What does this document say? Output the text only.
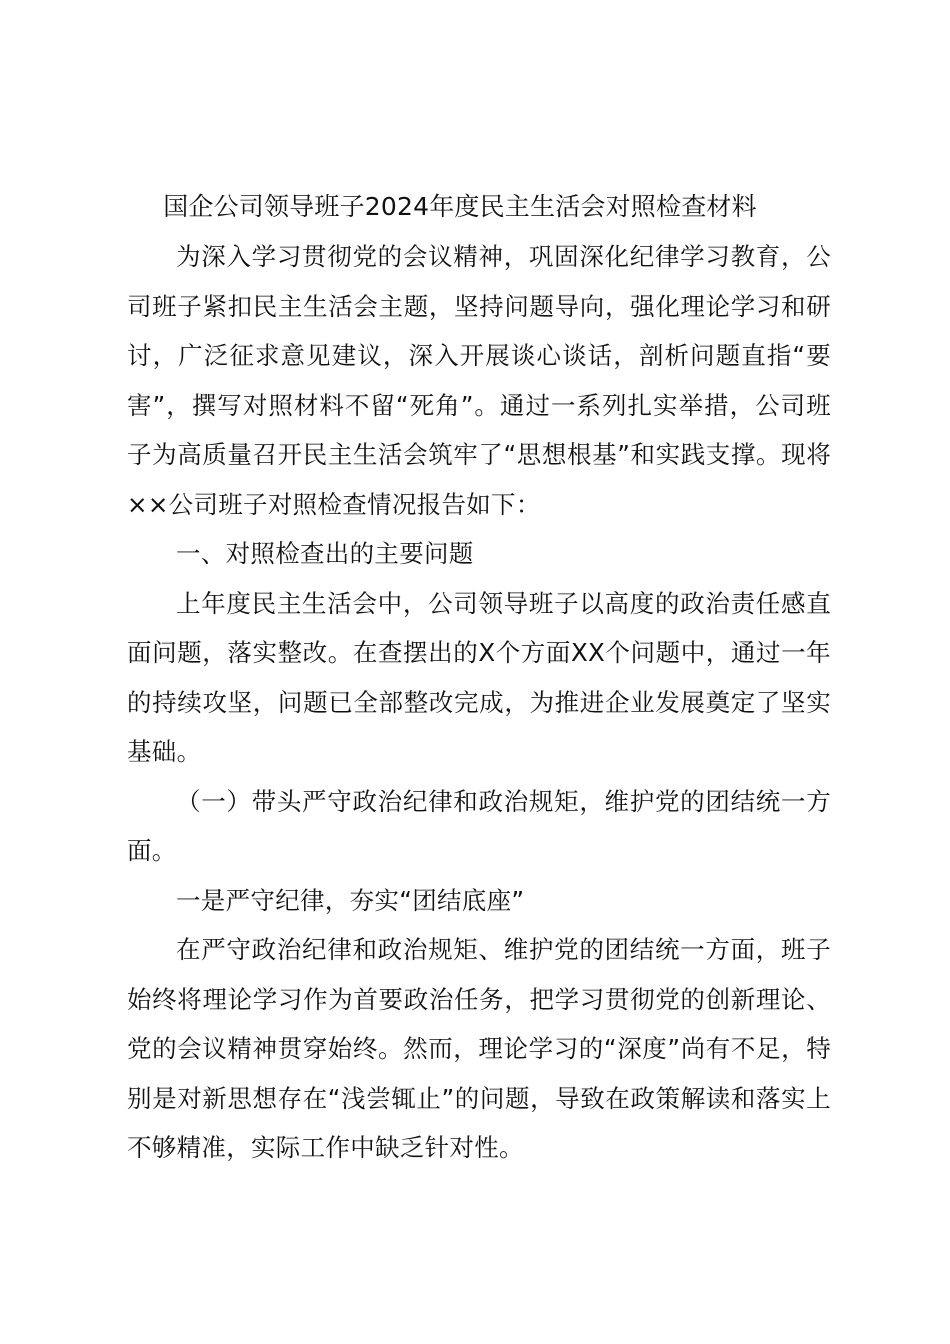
国企公司领导班子2024年度民主生活会对照检查材料

为深入学习贯彻党的会议精神，巩固深化纪律学习教育，公司班子紧扣民主生活会主题，坚持问题导向，强化理论学习和研讨，广泛征求意见建议，深入开展谈心谈话，剖析问题直指“要害”，撰写对照材料不留“死角”。通过一系列扎实举措，公司班子为高质量召开民主生活会筑牢了“思想根基”和实践支撑。现将××公司班子对照检查情况报告如下：

一、对照检查出的主要问题

上年度民主生活会中，公司领导班子以高度的政治责任感直面问题，落实整改。在查摆出的X个方面XX个问题中，通过一年的持续攻坚，问题已全部整改完成，为推进企业发展奠定了坚实基础。

（一）带头严守政治纪律和政治规矩，维护党的团结统一方面。

一是严守纪律，夯实“团结底座”

在严守政治纪律和政治规矩、维护党的团结统一方面，班子始终将理论学习作为首要政治任务，把学习贯彻党的创新理论、党的会议精神贯穿始终。然而，理论学习的“深度”尚有不足，特别是对新思想存在“浅尝辄止”的问题，导致在政策解读和落实上不够精准，实际工作中缺乏针对性。
